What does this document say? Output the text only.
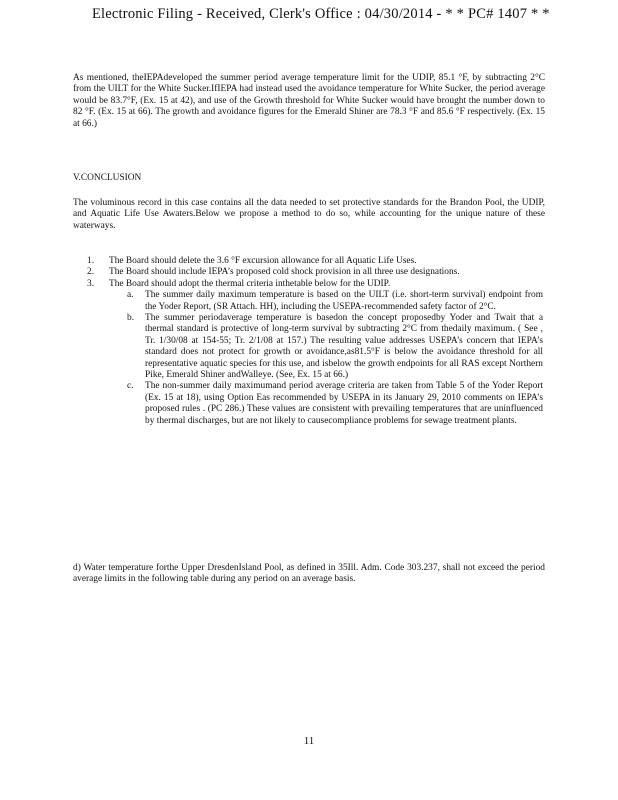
Electronic Filing - Received, Clerk's Office : 04/30/2014 - * * PC# 1407 * *

As mentioned, theIEPAdeveloped the summer period average temperature limit for the UDIP, 85.1 °F, by subtracting 2°C from the UILT for the White Sucker.IfIEPA had instead used the avoidance temperature for White Sucker, the period average would be 83.7°F, (Ex. 15 at 42), and use of the Growth threshold for White Sucker would have brought the number down to 82 °F. (Ex. 15 at 66). The growth and avoidance figures for the Emerald Shiner are 78.3 °F and 85.6 °F respectively. (Ex. 15 at 66.)

V.CONCLUSION

The voluminous record in this case contains all the data needed to set protective standards for the Brandon Pool, the UDIP, and Aquatic Life Use Awaters.Below we propose a method to do so, while accounting for the unique nature of these waterways.

1. The Board should delete the 3.6 °F excursion allowance for all Aquatic Life Uses.

2. The Board should include IEPA’s proposed cold shock provision in all three use designations.

3. The Board should adopt the thermal criteria inthetable below for the UDIP.

a. The summer daily maximum temperature is based on the UILT (i.e. short-term survival) endpoint from the Yoder Report, (SR Attach. HH), including the USEPA-recommended safety factor of 2°C.

b. The summer periodaverage temperature is basedon the concept proposedby Yoder and Twait that a thermal standard is protective of long-term survival by subtracting 2°C from thedaily maximum. ( See , Tr. 1/30/08 at 154-55; Tr. 2/1/08 at 157.) The resulting value addresses USEPA’s concern that IEPA’s standard does not protect for growth or avoidance,as81.5°F is below the avoidance threshold for all representative aquatic species for this use, and isbelow the growth endpoints for all RAS except Northern Pike, Emerald Shiner andWalleye. (See, Ex. 15 at 66.)

c. The non-summer daily maximumand period average criteria are taken from Table 5 of the Yoder Report (Ex. 15 at 18), using Option Eas recommended by USEPA in its January 29, 2010 comments on IEPA’s proposed rules . (PC 286.) These values are consistent with prevailing temperatures that are uninfluenced by thermal discharges, but are not likely to causecompliance problems for sewage treatment plants.

d) Water temperature forthe Upper DresdenIsland Pool, as defined in 35Ill. Adm. Code 303.237, shall not exceed the period average limits in the following table during any period on an average basis.

11
